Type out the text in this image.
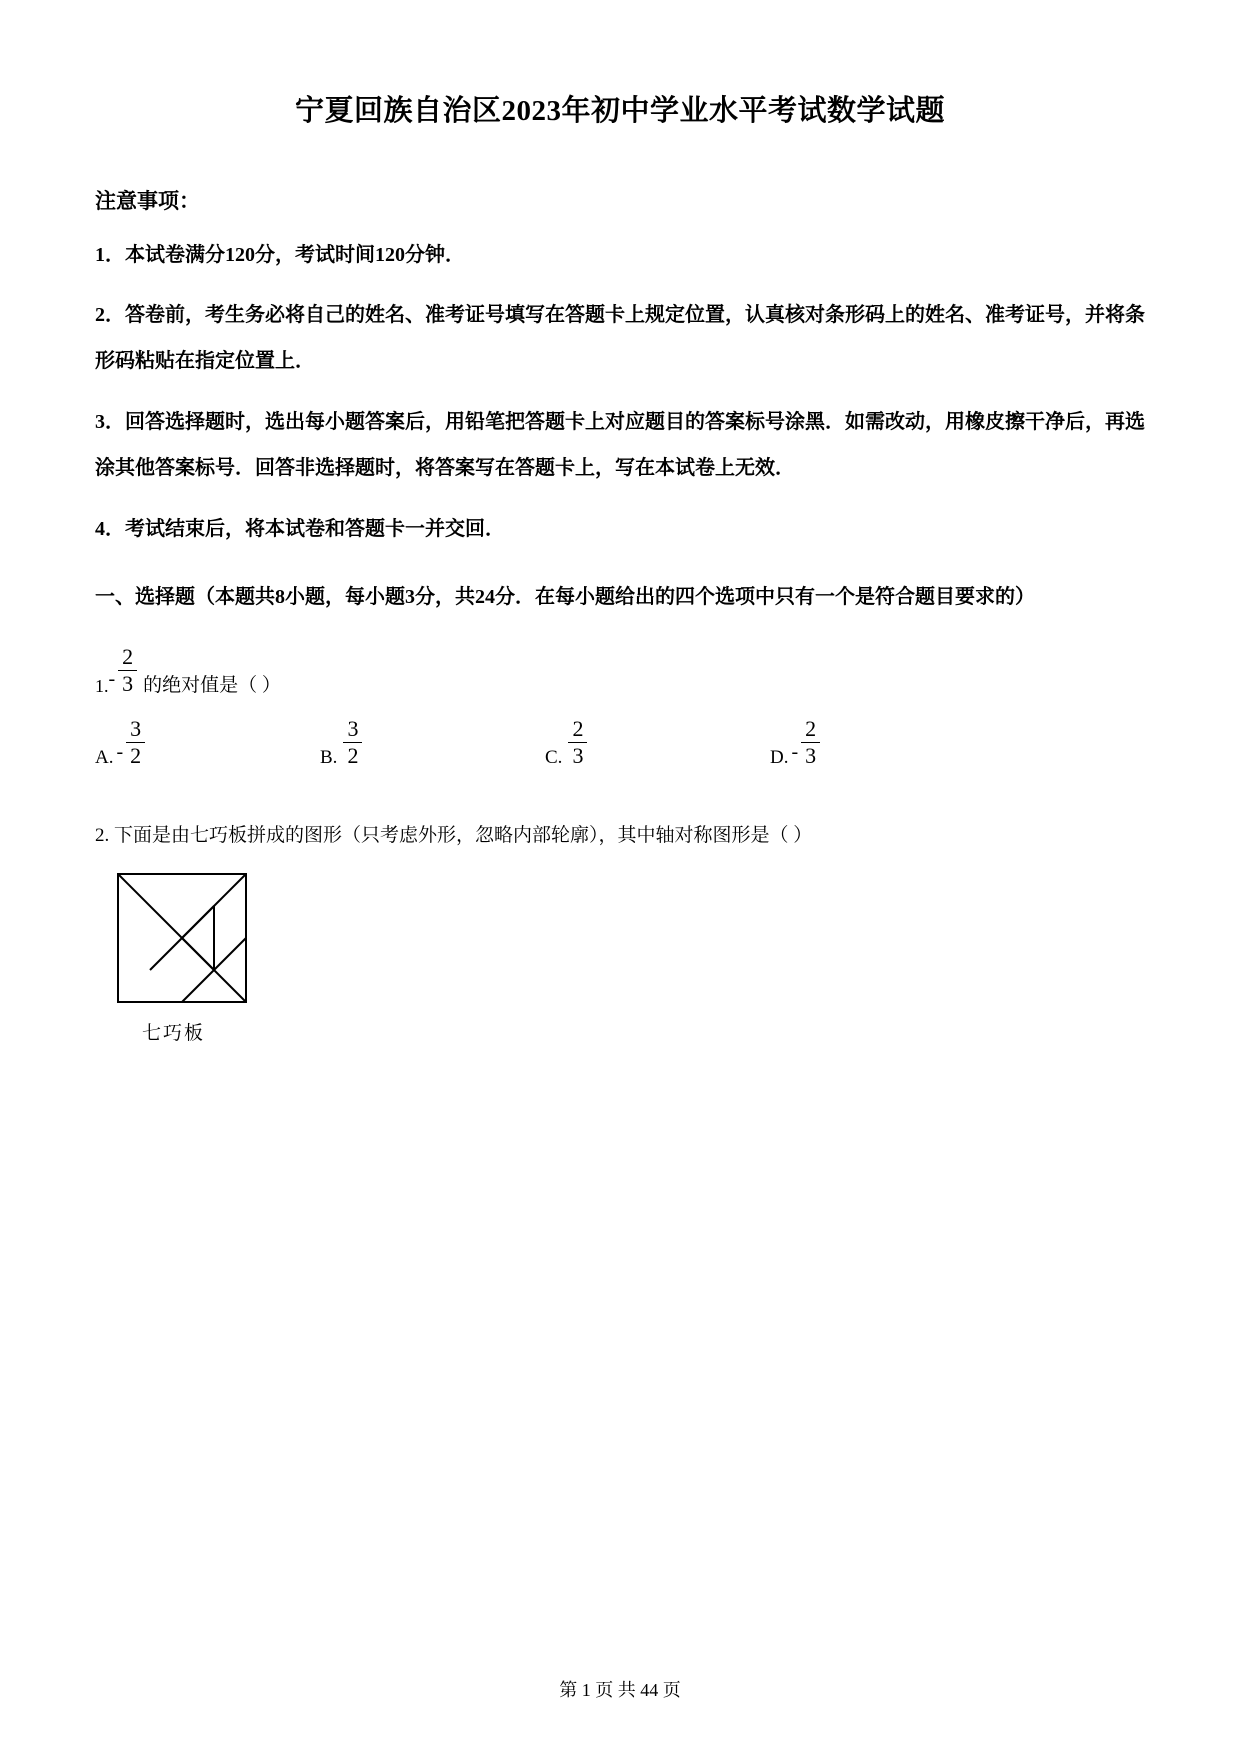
宁夏回族自治区2023年初中学业水平考试数学试题
注意事项：
1．本试卷满分120分，考试时间120分钟．
2．答卷前，考生务必将自己的姓名、准考证号填写在答题卡上规定位置，认真核对条形码上的姓名、准考证号，并将条形码粘贴在指定位置上．
3．回答选择题时，选出每小题答案后，用铅笔把答题卡上对应题目的答案标号涂黑．如需改动，用橡皮擦干净后，再选涂其他答案标号．回答非选择题时，将答案写在答题卡上，写在本试卷上无效．
4．考试结束后，将本试卷和答题卡一并交回．
一、选择题（本题共8小题，每小题3分，共24分．在每小题给出的四个选项中只有一个是符合题目要求的）
1. - $\frac{2}{3}$ 的绝对值是（ ）
A. - $\frac{3}{2}$	B. $\frac{3}{2}$	C. $\frac{2}{3}$	D. - $\frac{2}{3}$
2. 下面是由七巧板拼成的图形（只考虑外形，忽略内部轮廓），其中轴对称图形是（ ）
七巧板
第 1 页 共 44 页
